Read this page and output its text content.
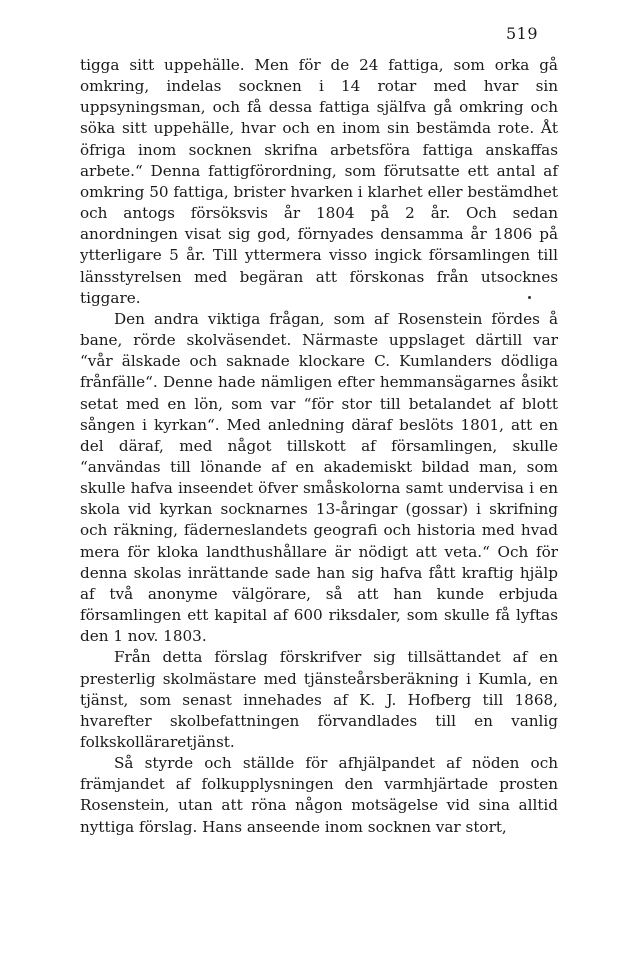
519

tigga sitt uppehälle. Men för de 24 fattiga, som orka gå omkring, indelas socknen i 14 rotar med hvar sin uppsyningsman, och få dessa fattiga själfva gå omkring och söka sitt uppehälle, hvar och en inom sin bestämda rote. Åt öfriga inom socknen skrifna arbetsföra fattiga anskaffas arbete.“ Denna fattigförordning, som förutsatte ett antal af omkring 50 fattiga, brister hvarken i klarhet eller bestämdhet och antogs försöksvis år 1804 på 2 år. Och sedan anordningen visat sig god, förnyades densamma år 1806 på ytterligare 5 år. Till yttermera visso ingick församlingen till länsstyrelsen med begäran att förskonas från utsocknes tiggare.

Den andra viktiga frågan, som af Rosenstein fördes å bane, rörde skolväsendet. Närmaste uppslaget därtill var “vår älskade och saknade klockare C. Kumlanders dödliga frånfälle“. Denne hade nämligen efter hemmansägarnes åsikt setat med en lön, som var “för stor till betalandet af blott sången i kyrkan“. Med anledning däraf beslöts 1801, att en del däraf, med något tillskott af församlingen, skulle “användas till lönande af en akademiskt bildad man, som skulle hafva inseendet öfver småskolorna samt undervisa i en skola vid kyrkan socknarnes 13-åringar (gossar) i skrifning och räkning, fäderneslandets geografi och historia med hvad mera för kloka landthushållare är nödigt att veta.“ Och för denna skolas inrättande sade han sig hafva fått kraftig hjälp af två anonyme välgörare, så att han kunde erbjuda församlingen ett kapital af 600 riksdaler, som skulle få lyftas den 1 nov. 1803.

Från detta förslag förskrifver sig tillsättandet af en presterlig skolmästare med tjänsteårsberäkning i Kumla, en tjänst, som senast innehades af K. J. Hofberg till 1868, hvarefter skolbefattningen förvandlades till en vanlig folkskolläraretjänst.

Så styrde och ställde för afhjälpandet af nöden och främjandet af folkupplysningen den varmhjärtade prosten Rosenstein, utan att röna någon motsägelse vid sina alltid nyttiga förslag. Hans anseende inom socknen var stort,
